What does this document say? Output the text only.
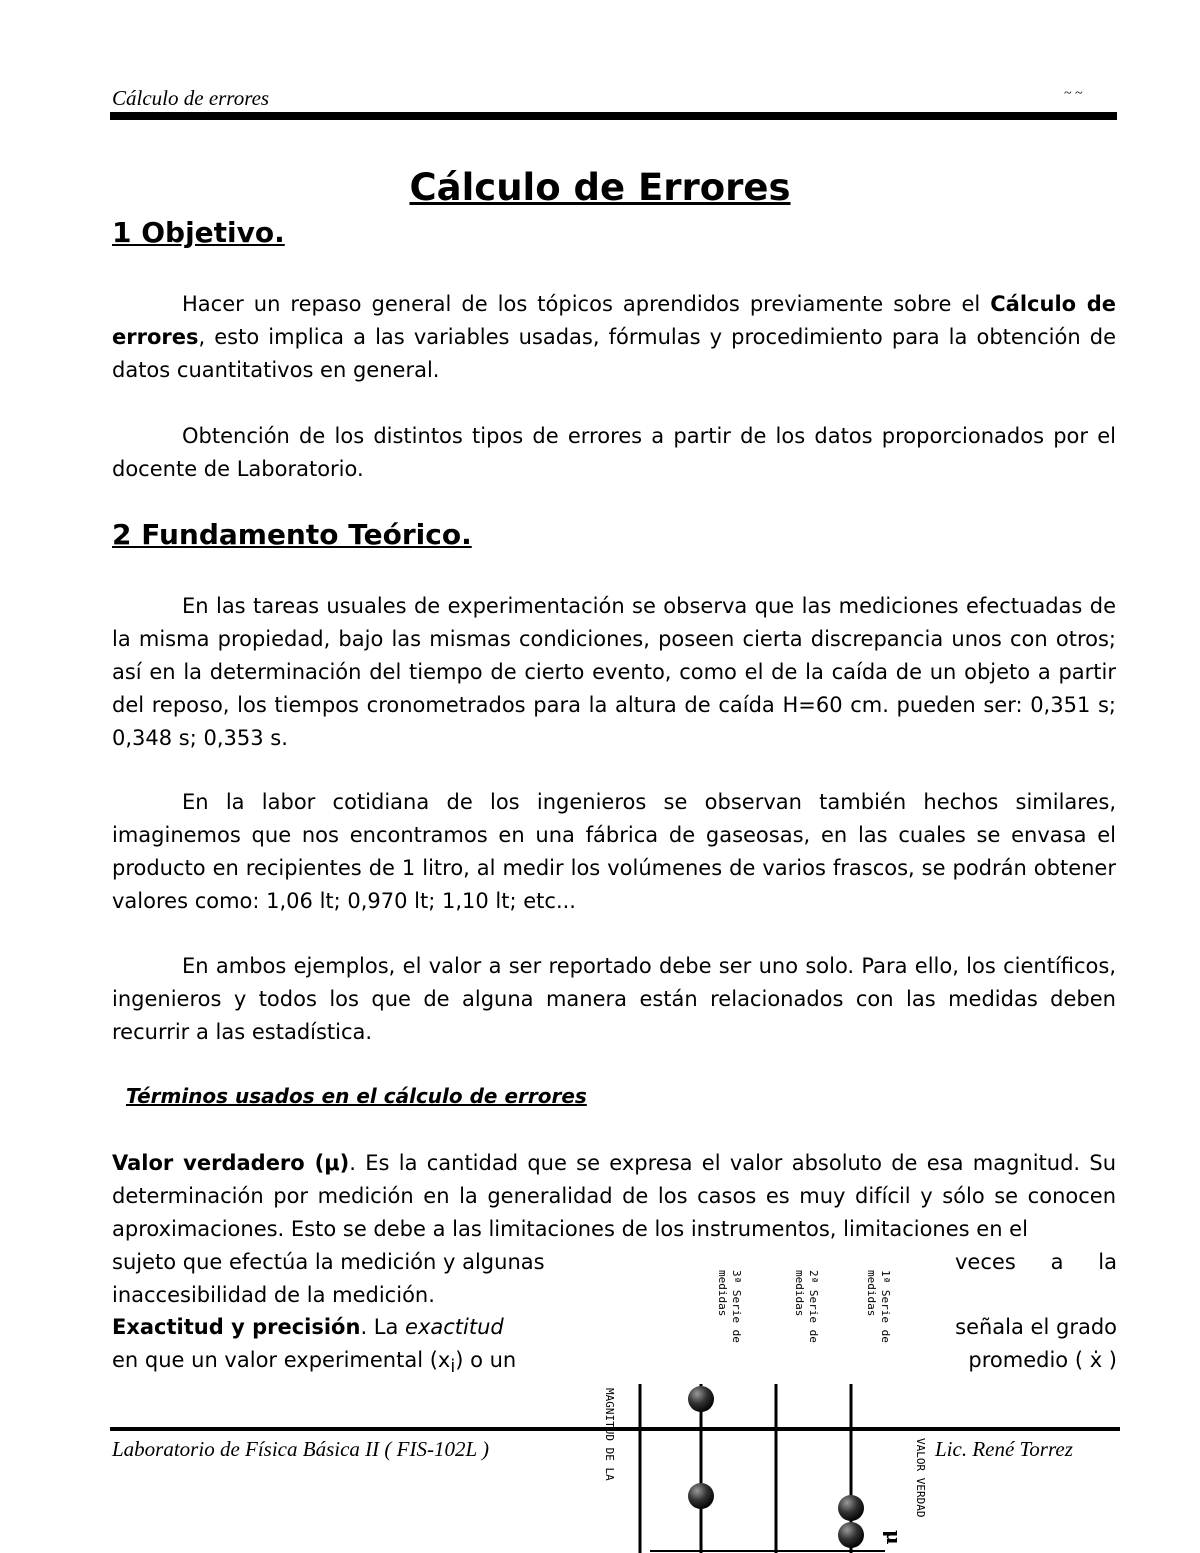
Cálculo de errores	~ ~
Cálculo de Errores
1 Objetivo.
Hacer un repaso general de los tópicos aprendidos previamente sobre el Cálculo de errores, esto implica a las variables usadas, fórmulas y procedimiento para la obtención de datos cuantitativos en general.
Obtención de los distintos tipos de errores a partir de los datos proporcionados por el docente de Laboratorio.
2 Fundamento Teórico.
En las tareas usuales de experimentación se observa que las mediciones efectuadas de la misma propiedad, bajo las mismas condiciones, poseen cierta discrepancia unos con otros; así en la determinación del tiempo de cierto evento, como el de la caída de un objeto a partir del reposo, los tiempos cronometrados para la altura de caída H=60 cm. pueden ser: 0,351 s; 0,348 s; 0,353 s.
En la labor cotidiana de los ingenieros se observan también hechos similares, imaginemos que nos encontramos en una fábrica de gaseosas, en las cuales se envasa el producto en recipientes de 1 litro, al medir los volúmenes de varios frascos, se podrán obtener valores como: 1,06 lt; 0,970 lt; 1,10 lt; etc...
En ambos ejemplos, el valor a ser reportado debe ser uno solo. Para ello, los científicos, ingenieros y todos los que de alguna manera están relacionados con las medidas deben recurrir a las estadística.
Términos usados en el cálculo de errores
Valor verdadero (μ). Es la cantidad que se expresa el valor absoluto de esa magnitud. Su determinación por medición en la generalidad de los casos es muy difícil y sólo se conocen aproximaciones. Esto se debe a las limitaciones de los instrumentos, limitaciones en el
sujeto que efectúa la medición y algunas
inaccesibilidad de la medición.
Exactitud y precisión. La exactitud
en que un valor experimental $(x_i)$ o un
veces a la
señala el grado
promedio ( ẋ )
3ª Serie de
medidas	2ª Serie de
medidas	1ª Serie de
medidas
MAGNITUD DE LA	VALOR VERDAD
μ
Laboratorio de Física Básica II ( FIS-102L )	Lic. René Torrez
